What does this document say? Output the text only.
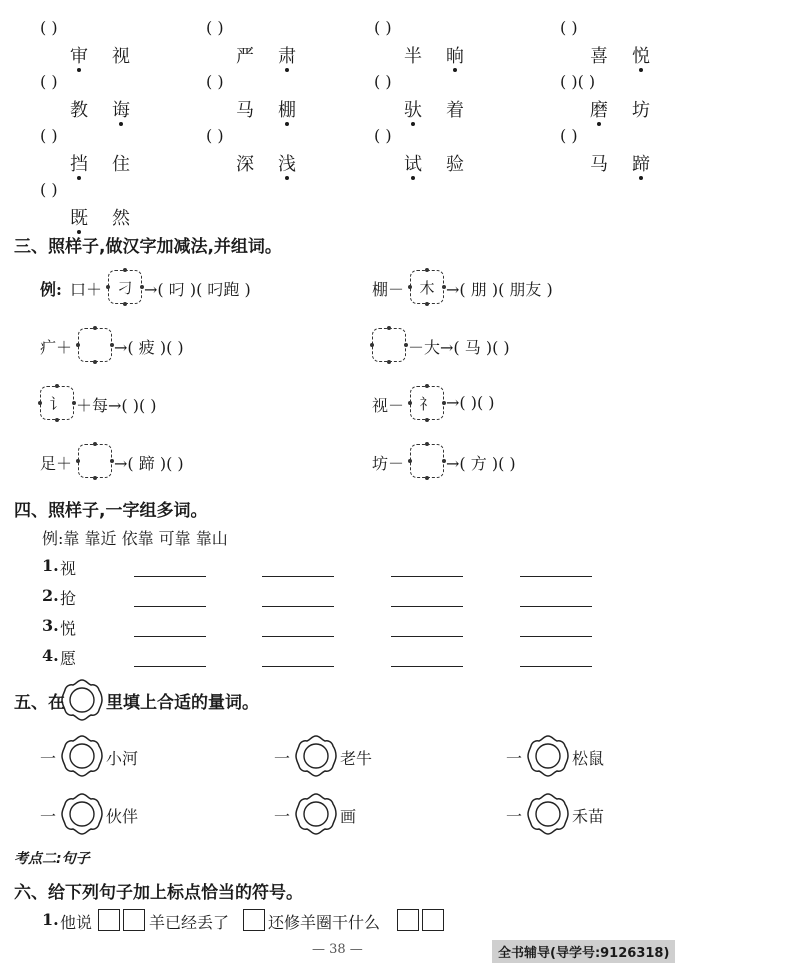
( )
审 视
( )
严 肃
( )
半 晌
( )
喜 悦
( )
教 诲
( )
马 棚
( )
驮 着
( )( )
磨 坊
( )
挡 住
( )
深 浅
( )
试 验
( )
马 蹄
( )
既 然
三、照样子,做汉字加减法,并组词。
例: 口＋	刁 →( 叼 )( 叼跑 )	棚－	木 →( 朋 )( 朋友 )
疒＋	→( 疲 )( )	－大→( 马 )( )
讠 ＋每→( )( )	视－	礻 →( )( )
足＋	→( 蹄 )( )	坊－	→( 方 )( )
四、照样子,一字组多词。
例:靠 靠近 依靠 可靠 靠山
1. 视
2. 抢
3. 悦
4. 愿
五、在 里填上合适的量词。
一	小河	一	老牛	一	松鼠
一	伙伴	一	画	一	禾苗
考点二:句子
六、给下列句子加上标点恰当的符号。
1. 他说	羊已经丢了 还修羊圈干什么
— 38 —	全书辅导(导学号:9126318)
